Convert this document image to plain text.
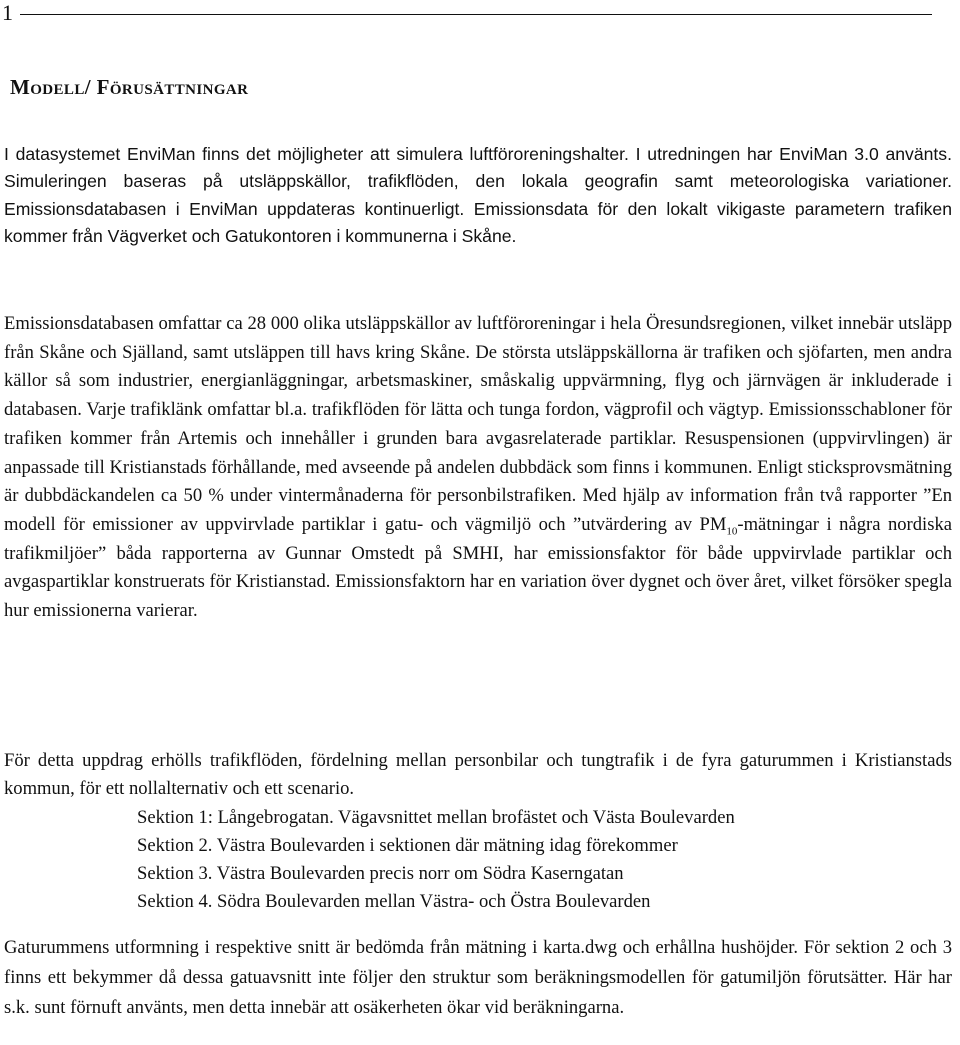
1
Modell/ Förusättningar

I datasystemet EnviMan finns det möjligheter att simulera luftföroreningshalter. I utredningen har EnviMan 3.0 använts. Simuleringen baseras på utsläppskällor, trafikflöden, den lokala geografin samt meteorologiska variationer. Emissionsdatabasen i EnviMan uppdateras kontinuerligt. Emissionsdata för den lokalt vikigaste parametern trafiken kommer från Vägverket och Gatukontoren i kommunerna i Skåne.

Emissionsdatabasen omfattar ca 28 000 olika utsläppskällor av luftföroreningar i hela Öresundsregionen, vilket innebär utsläpp från Skåne och Själland, samt utsläppen till havs kring Skåne. De största utsläppskällorna är trafiken och sjöfarten, men andra källor så som industrier, energianläggningar, arbetsmaskiner, småskalig uppvärmning, flyg och järnvägen är inkluderade i databasen. Varje trafiklänk omfattar bl.a. trafikflöden för lätta och tunga fordon, vägprofil och vägtyp. Emissionsschabloner för trafiken kommer från Artemis och innehåller i grunden bara avgasrelaterade partiklar. Resuspensionen (uppvirvlingen) är anpassade till Kristianstads förhållande, med avseende på andelen dubbdäck som finns i kommunen. Enligt sticksprovsmätning är dubbdäckandelen ca 50 % under vintermånaderna för personbilstrafiken. Med hjälp av information från två rapporter ”En modell för emissioner av uppvirvlade partiklar i gatu- och vägmiljö och ”utvärdering av $PM_{10}$-mätningar i några nordiska trafikmiljöer” båda rapporterna av Gunnar Omstedt på SMHI, har emissionsfaktor för både uppvirvlade partiklar och avgaspartiklar konstruerats för Kristianstad. Emissionsfaktorn har en variation över dygnet och över året, vilket försöker spegla hur emissionerna varierar.

För detta uppdrag erhölls trafikflöden, fördelning mellan personbilar och tungtrafik i de fyra gaturummen i Kristianstads kommun, för ett nollalternativ och ett scenario.

Sektion 1: Långebrogatan. Vägavsnittet mellan brofästet och Västa Boulevarden
Sektion 2. Västra Boulevarden i sektionen där mätning idag förekommer
Sektion 3. Västra Boulevarden precis norr om Södra Kaserngatan
Sektion 4. Södra Boulevarden mellan Västra- och Östra Boulevarden

Gaturummens utformning i respektive snitt är bedömda från mätning i karta.dwg och erhållna hushöjder. För sektion 2 och 3 finns ett bekymmer då dessa gatuavsnitt inte följer den struktur som beräkningsmodellen för gatumiljön förutsätter. Här har s.k. sunt förnuft använts, men detta innebär att osäkerheten ökar vid beräkningarna.
